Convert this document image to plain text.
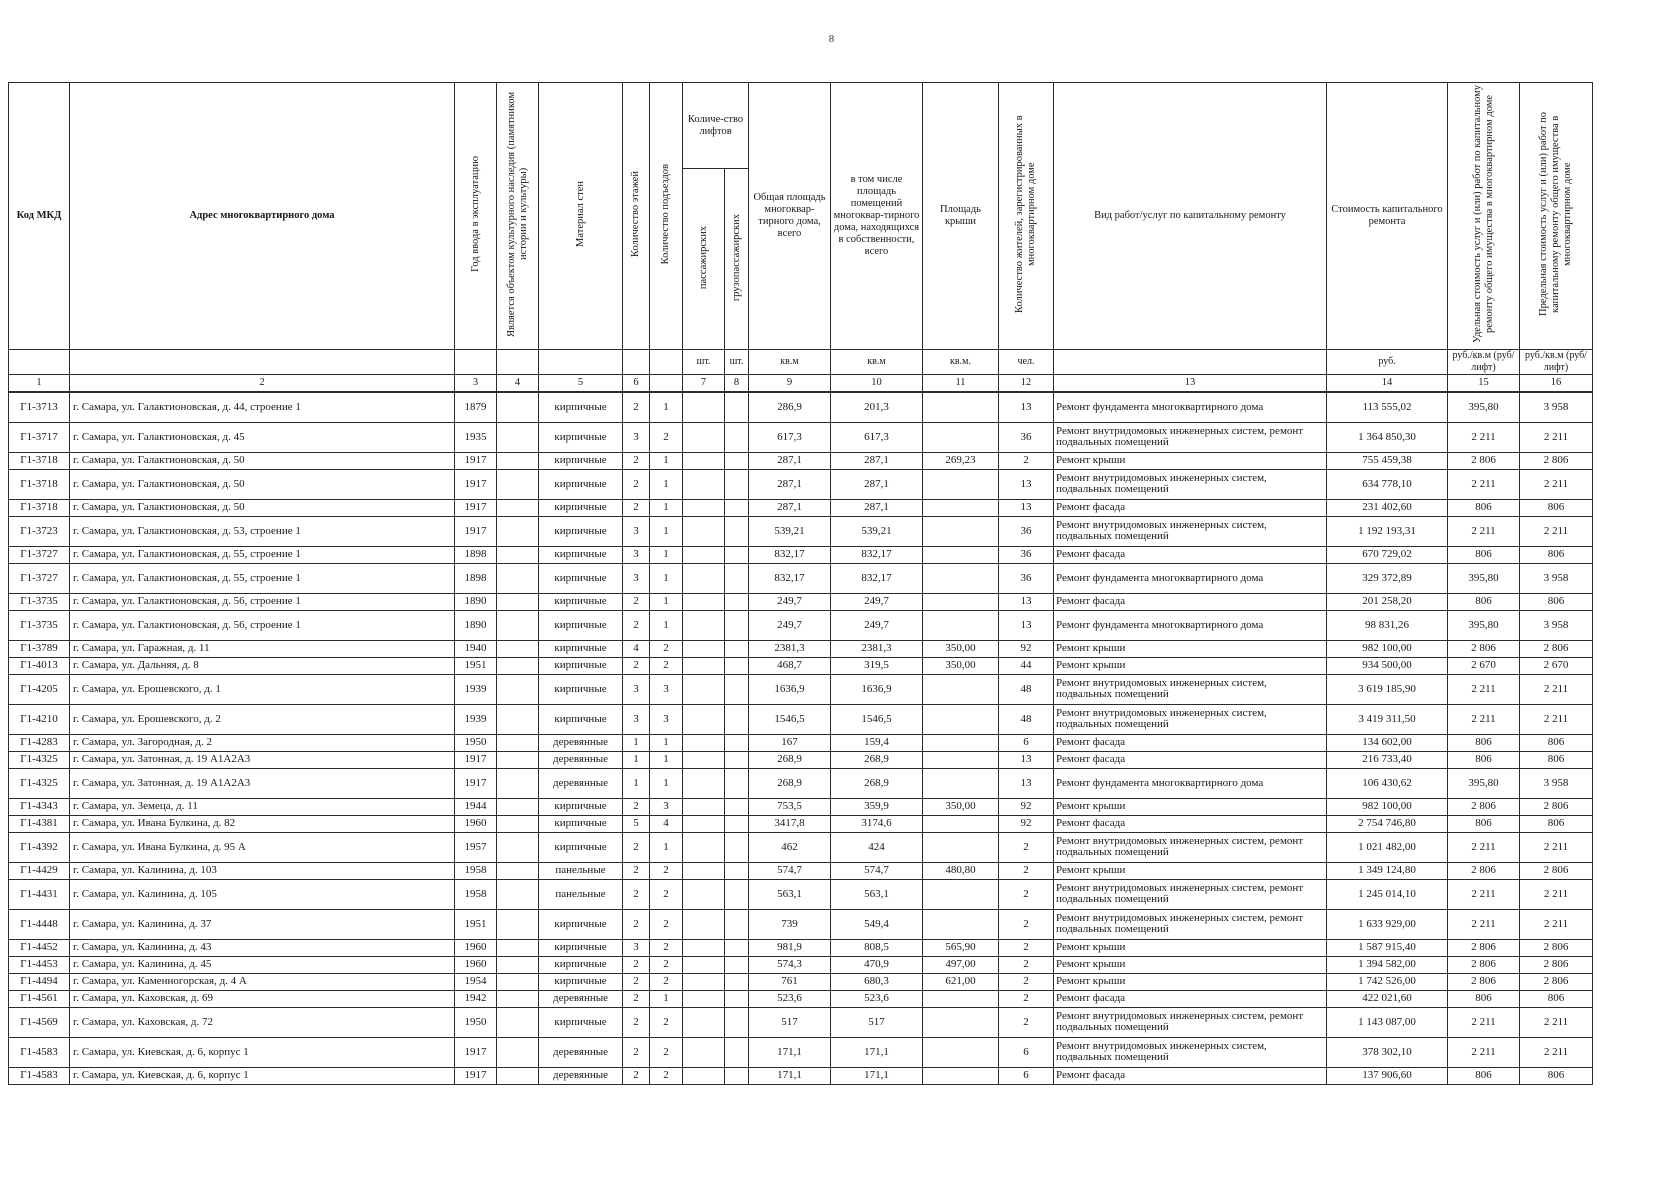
8
Код МКД	Адрес многоквартирного дома	Год ввода в эксплуатацию	Является объектом культурного наследия (памятником истории и культуры)	Материал стен	Количество этажей	Количество подъездов	Количе-ство лифтов		Общая площадь многоквар-тирного дома, всего	в том числе площадь помещений многоквар-тирного дома, находящихся в собственности, всего	Площадь крыши	Количество жителей, зарегистрированных в многоквартирном доме	Вид работ/услуг по капитальному ремонту	Стоимость капитального ремонта	Удельная стоимость услуг и (или) работ по капитальному ремонту общего имущества в многоквартирном доме	Предельная стоимость услуг и (или) работ по капитальному ремонту общего имущества в многоквартирном доме
							пассажирских	грузопассажирских								
							шт.	шт.	кв.м	кв.м	кв.м.	чел.		руб.	руб./кв.м (руб/лифт)	руб./кв.м (руб/лифт)
1	2	3	4	5	6		7	8	9	10	11	12	13	14	15	16
Г1-3713	г. Самара, ул. Галактионовская, д. 44, строение 1	1879		кирпичные	2	1			286,9	201,3		13	Ремонт фундамента многоквартирного дома	113 555,02	395,80	3 958
Г1-3717	г. Самара, ул. Галактионовская, д. 45	1935		кирпичные	3	2			617,3	617,3		36	Ремонт внутридомовых инженерных систем, ремонт подвальных помещений	1 364 850,30	2 211	2 211
Г1-3718	г. Самара, ул. Галактионовская, д. 50	1917		кирпичные	2	1			287,1	287,1	269,23	2	Ремонт крыши	755 459,38	2 806	2 806
Г1-3718	г. Самара, ул. Галактионовская, д. 50	1917		кирпичные	2	1			287,1	287,1		13	Ремонт внутридомовых инженерных систем, подвальных помещений	634 778,10	2 211	2 211
Г1-3718	г. Самара, ул. Галактионовская, д. 50	1917		кирпичные	2	1			287,1	287,1		13	Ремонт фасада	231 402,60	806	806
Г1-3723	г. Самара, ул. Галактионовская, д. 53, строение 1	1917		кирпичные	3	1			539,21	539,21		36	Ремонт внутридомовых инженерных систем, подвальных помещений	1 192 193,31	2 211	2 211
Г1-3727	г. Самара, ул. Галактионовская, д. 55, строение 1	1898		кирпичные	3	1			832,17	832,17		36	Ремонт фасада	670 729,02	806	806
Г1-3727	г. Самара, ул. Галактионовская, д. 55, строение 1	1898		кирпичные	3	1			832,17	832,17		36	Ремонт фундамента многоквартирного дома	329 372,89	395,80	3 958
Г1-3735	г. Самара, ул. Галактионовская, д. 56, строение 1	1890		кирпичные	2	1			249,7	249,7		13	Ремонт фасада	201 258,20	806	806
Г1-3735	г. Самара, ул. Галактионовская, д. 56, строение 1	1890		кирпичные	2	1			249,7	249,7		13	Ремонт фундамента многоквартирного дома	98 831,26	395,80	3 958
Г1-3789	г. Самара, ул. Гаражная, д. 11	1940		кирпичные	4	2			2381,3	2381,3	350,00	92	Ремонт крыши	982 100,00	2 806	2 806
Г1-4013	г. Самара, ул. Дальняя, д. 8	1951		кирпичные	2	2			468,7	319,5	350,00	44	Ремонт крыши	934 500,00	2 670	2 670
Г1-4205	г. Самара, ул. Ерошевского, д. 1	1939		кирпичные	3	3			1636,9	1636,9		48	Ремонт внутридомовых инженерных систем, подвальных помещений	3 619 185,90	2 211	2 211
Г1-4210	г. Самара, ул. Ерошевского, д. 2	1939		кирпичные	3	3			1546,5	1546,5		48	Ремонт внутридомовых инженерных систем, подвальных помещений	3 419 311,50	2 211	2 211
Г1-4283	г. Самара, ул. Загородная, д. 2	1950		деревянные	1	1			167	159,4		6	Ремонт фасада	134 602,00	806	806
Г1-4325	г. Самара, ул. Затонная, д. 19 А1А2А3	1917		деревянные	1	1			268,9	268,9		13	Ремонт фасада	216 733,40	806	806
Г1-4325	г. Самара, ул. Затонная, д. 19 А1А2А3	1917		деревянные	1	1			268,9	268,9		13	Ремонт фундамента многоквартирного дома	106 430,62	395,80	3 958
Г1-4343	г. Самара, ул. Земеца, д. 11	1944		кирпичные	2	3			753,5	359,9	350,00	92	Ремонт крыши	982 100,00	2 806	2 806
Г1-4381	г. Самара, ул. Ивана Булкина, д. 82	1960		кирпичные	5	4			3417,8	3174,6		92	Ремонт фасада	2 754 746,80	806	806
Г1-4392	г. Самара, ул. Ивана Булкина, д. 95 А	1957		кирпичные	2	1			462	424		2	Ремонт внутридомовых инженерных систем, ремонт подвальных помещений	1 021 482,00	2 211	2 211
Г1-4429	г. Самара, ул. Калинина, д. 103	1958		панельные	2	2			574,7	574,7	480,80	2	Ремонт крыши	1 349 124,80	2 806	2 806
Г1-4431	г. Самара, ул. Калинина, д. 105	1958		панельные	2	2			563,1	563,1		2	Ремонт внутридомовых инженерных систем, ремонт подвальных помещений	1 245 014,10	2 211	2 211
Г1-4448	г. Самара, ул. Калинина, д. 37	1951		кирпичные	2	2			739	549,4		2	Ремонт внутридомовых инженерных систем, ремонт подвальных помещений	1 633 929,00	2 211	2 211
Г1-4452	г. Самара, ул. Калинина, д. 43	1960		кирпичные	3	2			981,9	808,5	565,90	2	Ремонт крыши	1 587 915,40	2 806	2 806
Г1-4453	г. Самара, ул. Калинина, д. 45	1960		кирпичные	2	2			574,3	470,9	497,00	2	Ремонт крыши	1 394 582,00	2 806	2 806
Г1-4494	г. Самара, ул. Каменногорская, д. 4 А	1954		кирпичные	2	2			761	680,3	621,00	2	Ремонт крыши	1 742 526,00	2 806	2 806
Г1-4561	г. Самара, ул. Каховская, д. 69	1942		деревянные	2	1			523,6	523,6		2	Ремонт фасада	422 021,60	806	806
Г1-4569	г. Самара, ул. Каховская, д. 72	1950		кирпичные	2	2			517	517		2	Ремонт внутридомовых инженерных систем, ремонт подвальных помещений	1 143 087,00	2 211	2 211
Г1-4583	г. Самара, ул. Киевская, д. 6, корпус 1	1917		деревянные	2	2			171,1	171,1		6	Ремонт внутридомовых инженерных систем, подвальных помещений	378 302,10	2 211	2 211
Г1-4583	г. Самара, ул. Киевская, д. 6, корпус 1	1917		деревянные	2	2			171,1	171,1		6	Ремонт фасада	137 906,60	806	806
